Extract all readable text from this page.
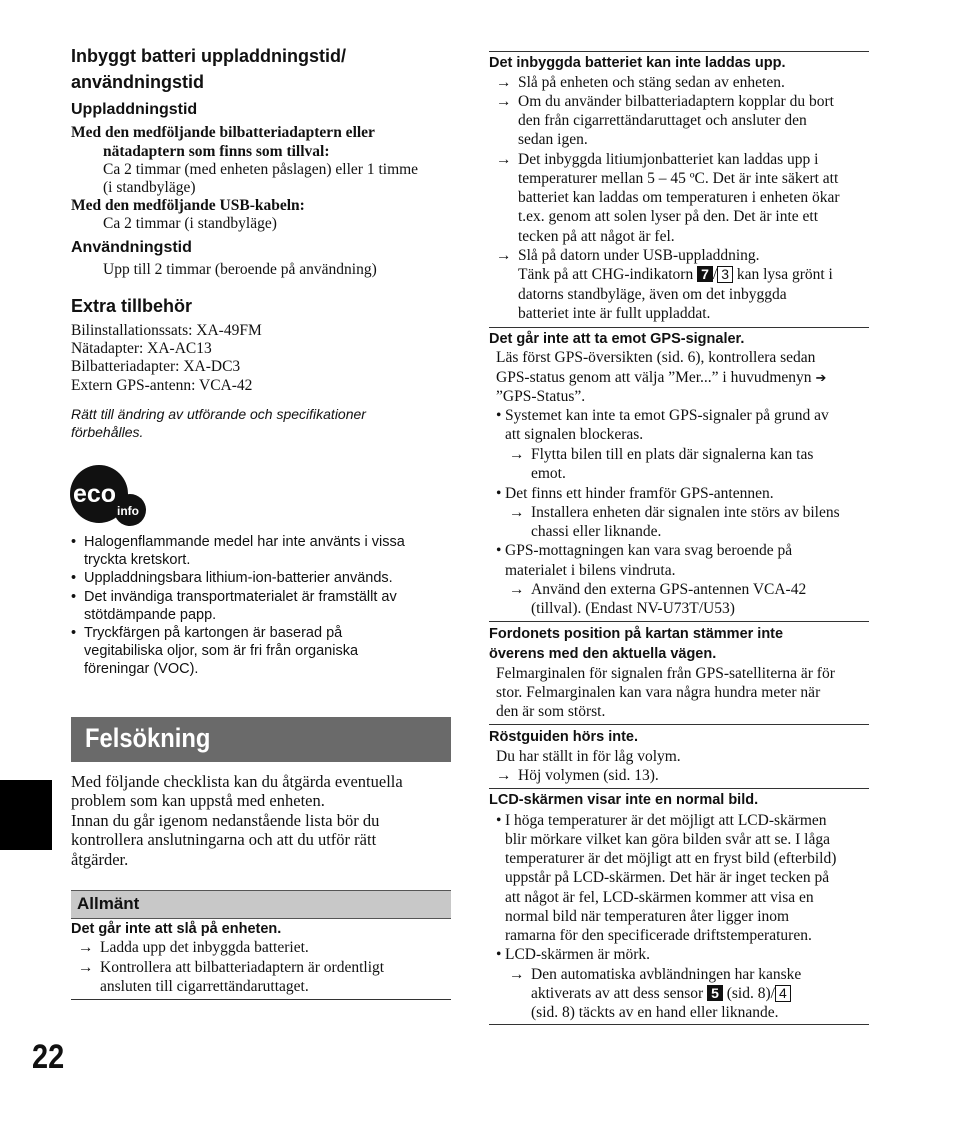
Inbyggt batteri uppladdningstid/
användningstid
Uppladdningstid
Med den medföljande bilbatteriadaptern eller
nätadaptern som finns som tillval:
Ca 2 timmar (med enheten påslagen) eller 1 timme
(i standbyläge)
Med den medföljande USB-kabeln:
Ca 2 timmar (i standbyläge)
Användningstid
Upp till 2 timmar (beroende på användning)
Extra tillbehör
Bilinstallationssats: XA-49FM
Nätadapter: XA-AC13
Bilbatteriadapter: XA-DC3
Extern GPS-antenn: VCA-42
Rätt till ändring av utförande och specifikationer
förbehålles.
eco
info
• Halogenflammande medel har inte använts i vissa
tryckta kretskort.
• Uppladdningsbara lithium-ion-batterier används.
• Det invändiga transportmaterialet är framställt av
stötdämpande papp.
• Tryckfärgen på kartongen är baserad på
vegitabiliska oljor, som är fri från organiska
föreningar (VOC).
Felsökning
Med följande checklista kan du åtgärda eventuella
problem som kan uppstå med enheten.
Innan du går igenom nedanstående lista bör du
kontrollera anslutningarna och att du utför rätt
åtgärder.
Allmänt
Det går inte att slå på enheten.
→ Ladda upp det inbyggda batteriet.
→ Kontrollera att bilbatteriadaptern är ordentligt
ansluten till cigarrettändaruttaget.
22
Det inbyggda batteriet kan inte laddas upp.
→ Slå på enheten och stäng sedan av enheten.
→ Om du använder bilbatteriadaptern kopplar du bort
den från cigarrettändaruttaget och ansluter den
sedan igen.
→ Det inbyggda litiumjonbatteriet kan laddas upp i
temperaturer mellan 5 – 45 ºC. Det är inte säkert att
batteriet kan laddas om temperaturen i enheten ökar
t.ex. genom att solen lyser på den. Det är inte ett
tecken på att något är fel.
→ Slå på datorn under USB-uppladdning.
Tänk på att CHG-indikatorn 7 / 3 kan lysa grönt i
datorns standbyläge, även om det inbyggda
batteriet inte är fullt uppladdat.
Det går inte att ta emot GPS-signaler.
Läs först GPS-översikten (sid. 6), kontrollera sedan
GPS-status genom att välja ”Mer...” i huvudmenyn ➔
”GPS-Status”.
• Systemet kan inte ta emot GPS-signaler på grund av
att signalen blockeras.
→ Flytta bilen till en plats där signalerna kan tas
emot.
• Det finns ett hinder framför GPS-antennen.
→ Installera enheten där signalen inte störs av bilens
chassi eller liknande.
• GPS-mottagningen kan vara svag beroende på
materialet i bilens vindruta.
→ Använd den externa GPS-antennen VCA-42
(tillval). (Endast NV-U73T/U53)
Fordonets position på kartan stämmer inte
överens med den aktuella vägen.
Felmarginalen för signalen från GPS-satelliterna är för
stor. Felmarginalen kan vara några hundra meter när
den är som störst.
Röstguiden hörs inte.
Du har ställt in för låg volym.
→ Höj volymen (sid. 13).
LCD-skärmen visar inte en normal bild.
• I höga temperaturer är det möjligt att LCD-skärmen
blir mörkare vilket kan göra bilden svår att se. I låga
temperaturer är det möjligt att en fryst bild (efterbild)
uppstår på LCD-skärmen. Det här är inget tecken på
att något är fel, LCD-skärmen kommer att visa en
normal bild när temperaturen åter ligger inom
ramarna för den specificerade driftstemperaturen.
• LCD-skärmen är mörk.
→ Den automatiska avbländningen har kanske
aktiverats av att dess sensor 5 (sid. 8)/ 4
(sid. 8) täckts av en hand eller liknande.
